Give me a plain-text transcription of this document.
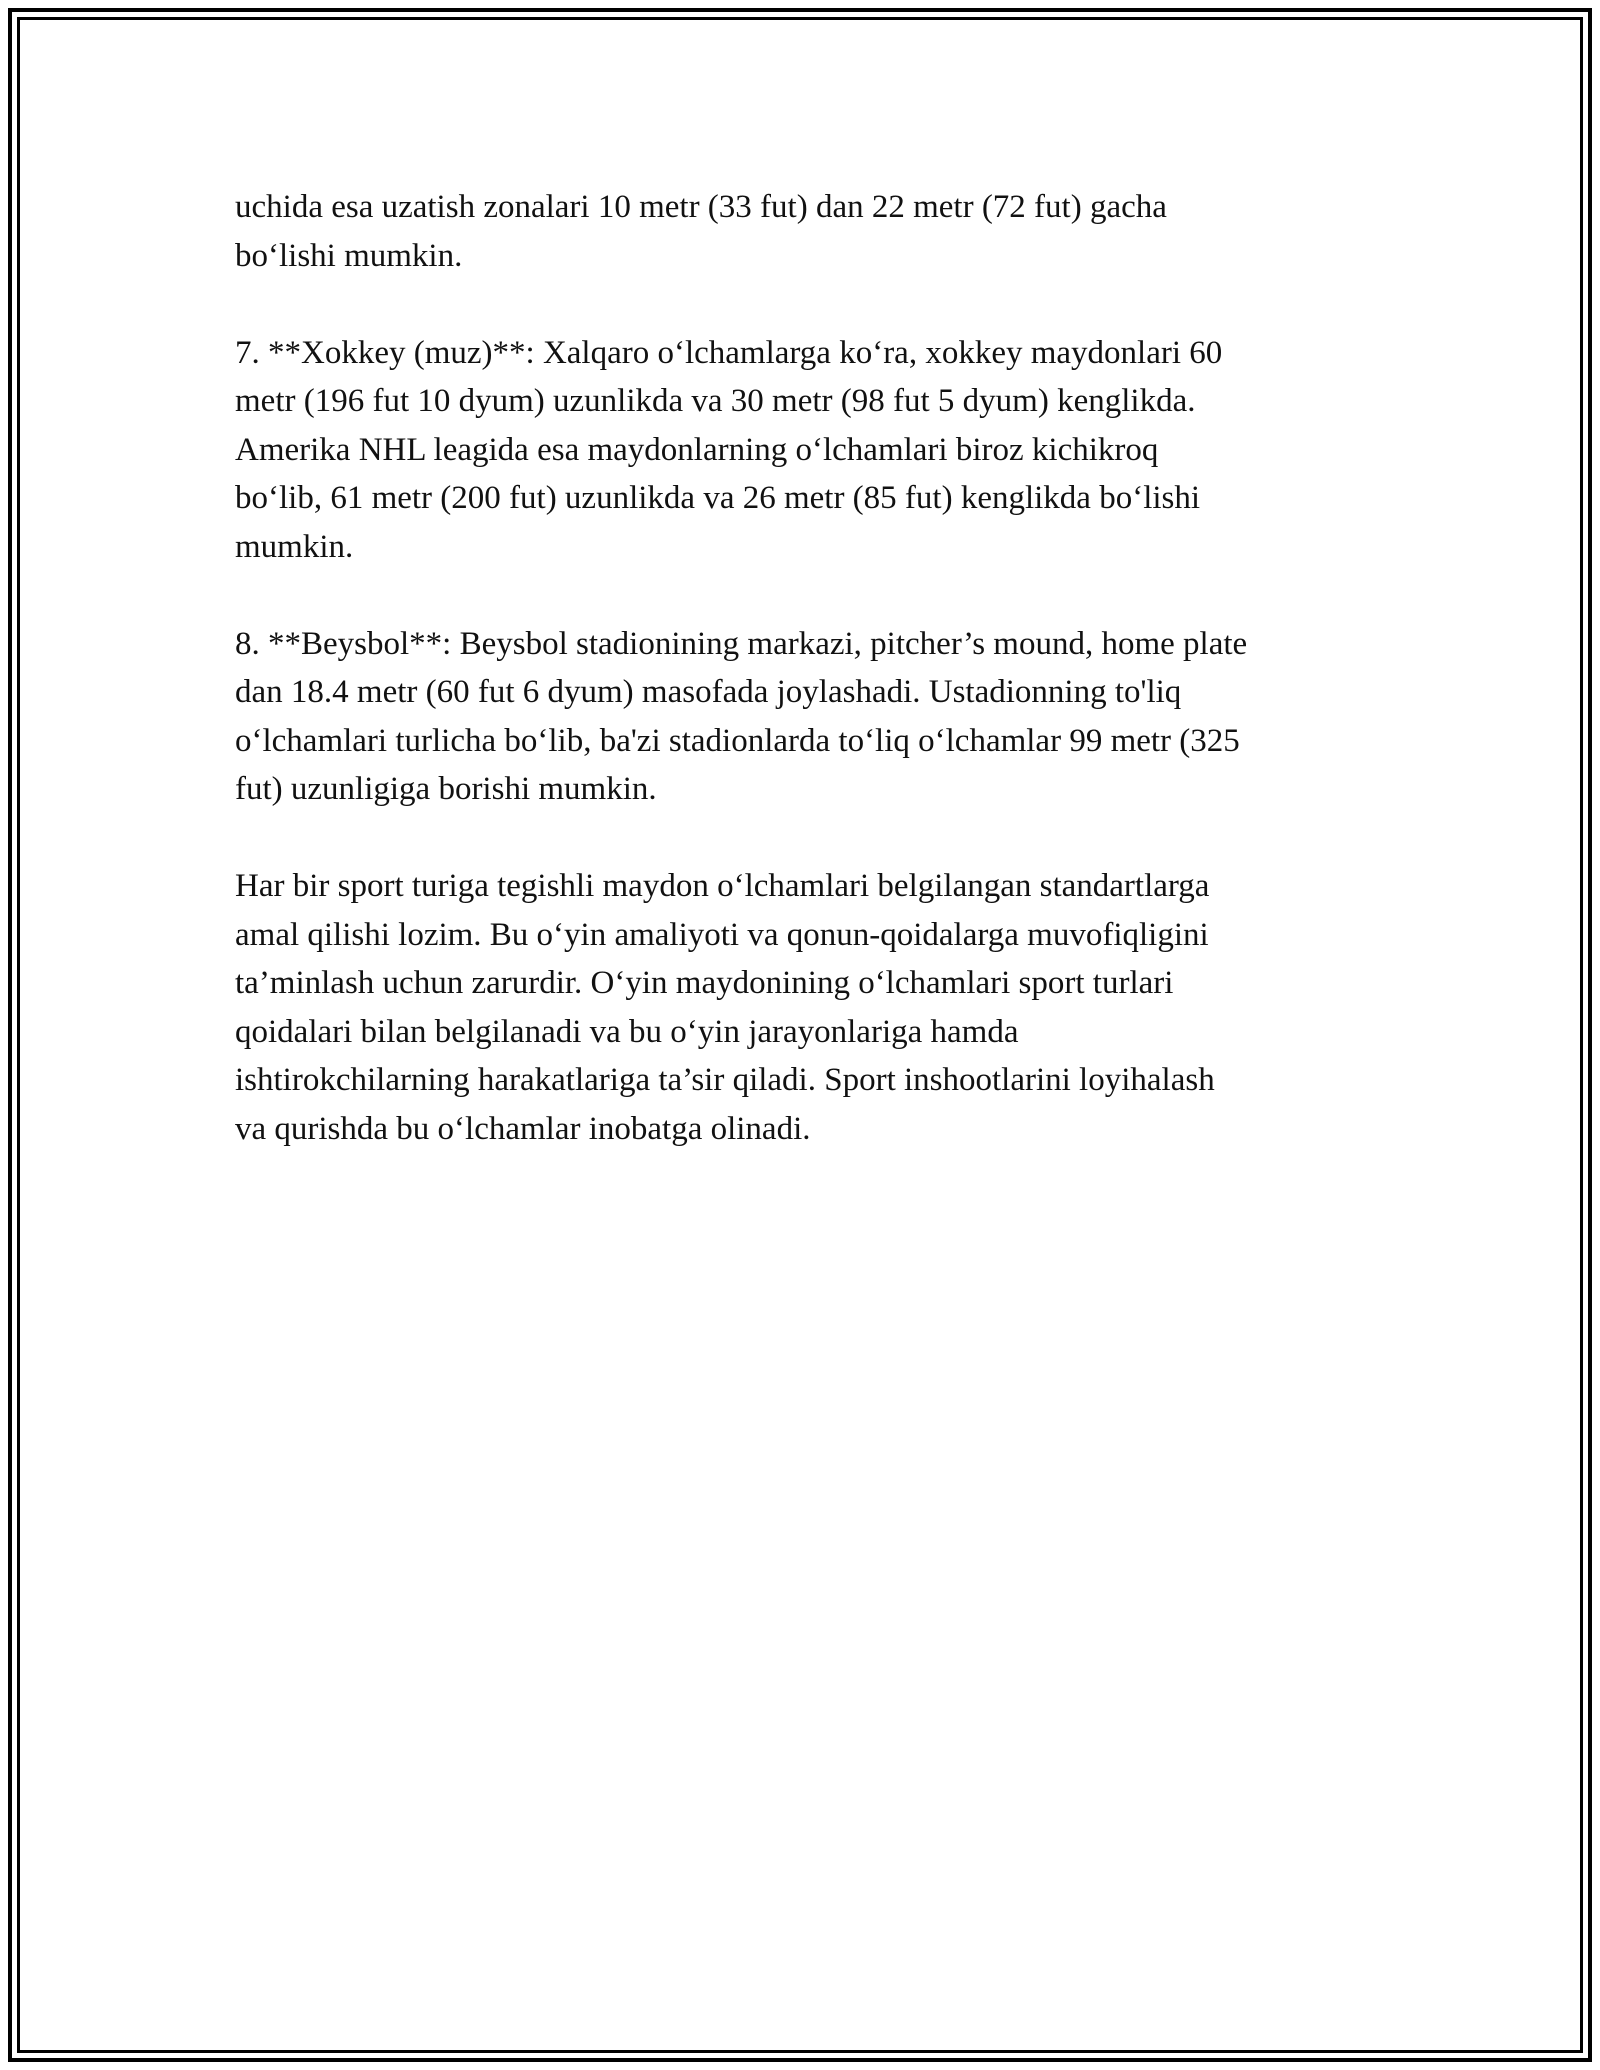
uchida esa uzatish zonalari 10 metr (33 fut) dan 22 metr (72 fut) gacha
bo‘lishi mumkin.

7. **Xokkey (muz)**: Xalqaro o‘lchamlarga ko‘ra, xokkey maydonlari 60
metr (196 fut 10 dyum) uzunlikda va 30 metr (98 fut 5 dyum) kenglikda.
Amerika NHL leagida esa maydonlarning o‘lchamlari biroz kichikroq
bo‘lib, 61 metr (200 fut) uzunlikda va 26 metr (85 fut) kenglikda bo‘lishi
mumkin.

8. **Beysbol**: Beysbol stadionining markazi, pitcher’s mound, home plate
dan 18.4 metr (60 fut 6 dyum) masofada joylashadi. Ustadionning to'liq
o‘lchamlari turlicha bo‘lib, ba'zi stadionlarda to‘liq o‘lchamlar 99 metr (325
fut) uzunligiga borishi mumkin.

Har bir sport turiga tegishli maydon o‘lchamlari belgilangan standartlarga
amal qilishi lozim. Bu o‘yin amaliyoti va qonun-qoidalarga muvofiqligini
ta’minlash uchun zarurdir. O‘yin maydonining o‘lchamlari sport turlari
qoidalari bilan belgilanadi va bu o‘yin jarayonlariga hamda
ishtirokchilarning harakatlariga ta’sir qiladi. Sport inshootlarini loyihalash
va qurishda bu o‘lchamlar inobatga olinadi.
